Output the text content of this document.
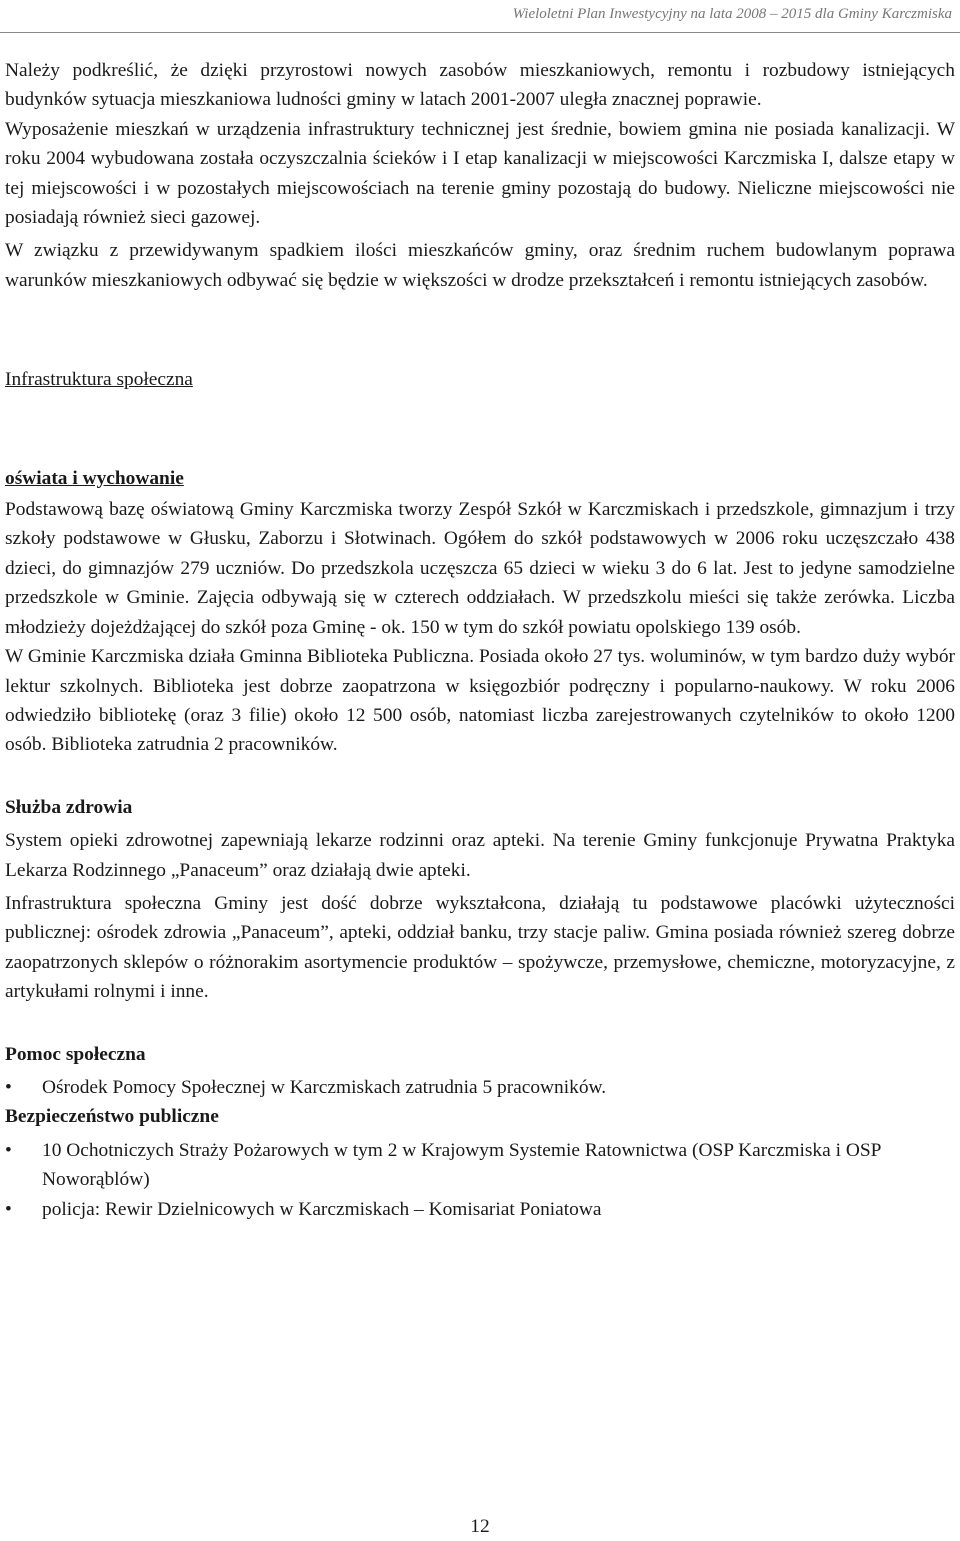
Wieloletni Plan Inwestycyjny na lata 2008 – 2015 dla Gminy Karczmiska

Należy podkreślić, że dzięki przyrostowi nowych zasobów mieszkaniowych, remontu i rozbudowy istniejących budynków sytuacja mieszkaniowa ludności gminy w latach 2001-2007 uległa znacznej poprawie.

Wyposażenie mieszkań w urządzenia infrastruktury technicznej jest średnie, bowiem gmina nie posiada kanalizacji. W roku 2004 wybudowana została oczyszczalnia ścieków i I etap kanalizacji w miejscowości Karczmiska I, dalsze etapy w tej miejscowości i w pozostałych miejscowościach na terenie gminy pozostają do budowy. Nieliczne miejscowości nie posiadają również sieci gazowej.

W związku z przewidywanym spadkiem ilości mieszkańców gminy, oraz średnim ruchem budowlanym poprawa warunków mieszkaniowych odbywać się będzie w większości w drodze przekształceń i remontu istniejących zasobów.

Infrastruktura społeczna

oświata i wychowanie

Podstawową bazę oświatową Gminy Karczmiska tworzy Zespół Szkół w Karczmiskach i przedszkole, gimnazjum i trzy szkoły podstawowe w Głusku, Zaborzu i Słotwinach. Ogółem do szkół podstawowych w 2006 roku uczęszczało 438 dzieci, do gimnazjów 279 uczniów. Do przedszkola uczęszcza 65 dzieci w wieku 3 do 6 lat. Jest to jedyne samodzielne przedszkole w Gminie. Zajęcia odbywają się w czterech oddziałach. W przedszkolu mieści się także zerówka. Liczba młodzieży dojeżdżającej do szkół poza Gminę - ok. 150 w tym do szkół powiatu opolskiego 139 osób.

W Gminie Karczmiska działa Gminna Biblioteka Publiczna. Posiada około 27 tys. woluminów, w tym bardzo duży wybór lektur szkolnych. Biblioteka jest dobrze zaopatrzona w księgozbiór podręczny i popularno-naukowy. W roku 2006 odwiedziło bibliotekę (oraz 3 filie) około 12 500 osób, natomiast liczba zarejestrowanych czytelników to około 1200 osób. Biblioteka zatrudnia 2 pracowników.

Służba zdrowia

System opieki zdrowotnej zapewniają lekarze rodzinni oraz apteki. Na terenie Gminy funkcjonuje Prywatna Praktyka Lekarza Rodzinnego „Panaceum” oraz działają dwie apteki.

Infrastruktura społeczna Gminy jest dość dobrze wykształcona, działają tu podstawowe placówki użyteczności publicznej: ośrodek zdrowia „Panaceum”, apteki, oddział banku, trzy stacje paliw. Gmina posiada również szereg dobrze zaopatrzonych sklepów o różnorakim asortymencie produktów – spożywcze, przemysłowe, chemiczne, motoryzacyjne, z artykułami rolnymi i inne.

Pomoc społeczna

• Ośrodek Pomocy Społecznej w Karczmiskach zatrudnia 5 pracowników.

Bezpieczeństwo publiczne

• 10 Ochotniczych Straży Pożarowych w tym 2 w Krajowym Systemie Ratownictwa (OSP Karczmiska i OSP Noworąblów)
• policja: Rewir Dzielnicowych w Karczmiskach – Komisariat Poniatowa
12
